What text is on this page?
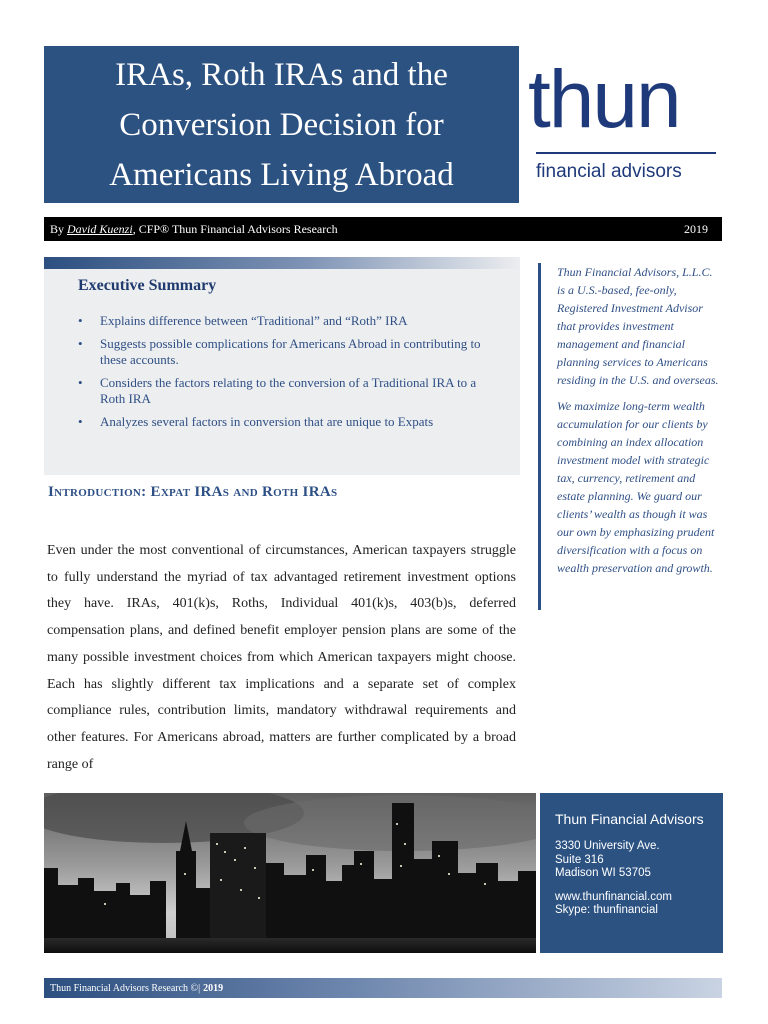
IRAs, Roth IRAs and the
Conversion Decision for
Americans Living Abroad
thun
financial advisors
By David Kuenzi, CFP® Thun Financial Advisors Research	2019
Executive Summary
• Explains difference between “Traditional” and “Roth” IRA
• Suggests possible complications for Americans Abroad in contributing to these accounts.
• Considers the factors relating to the conversion of a Traditional IRA to a Roth IRA
• Analyzes several factors in conversion that are unique to Expats
Introduction: Expat IRAs and Roth IRAs

Even under the most conventional of circumstances, American taxpayers struggle to fully understand the myriad of tax advantaged retirement investment options they have. IRAs, 401(k)s, Roths, Individual 401(k)s, 403(b)s, deferred compensation plans, and defined benefit employer pension plans are some of the many possible investment choices from which American taxpayers might choose. Each has slightly different tax implications and a separate set of complex compliance rules, contribution limits, mandatory withdrawal requirements and other features. For Americans abroad, matters are further complicated by a broad range of

Thun Financial Advisors, L.L.C. is a U.S.-based, fee-only, Registered Investment Advisor that provides investment management and financial planning services to Americans residing in the U.S. and overseas.

We maximize long-term wealth accumulation for our clients by combining an index allocation investment model with strategic tax, currency, retirement and estate planning. We guard our clients’ wealth as though it was our own by emphasizing prudent diversification with a focus on wealth preservation and growth.

Thun Financial Advisors
3330 University Ave.
Suite 316
Madison WI 53705
www.thunfinancial.com
Skype: thunfinancial
Thun Financial Advisors Research ©| 2019
